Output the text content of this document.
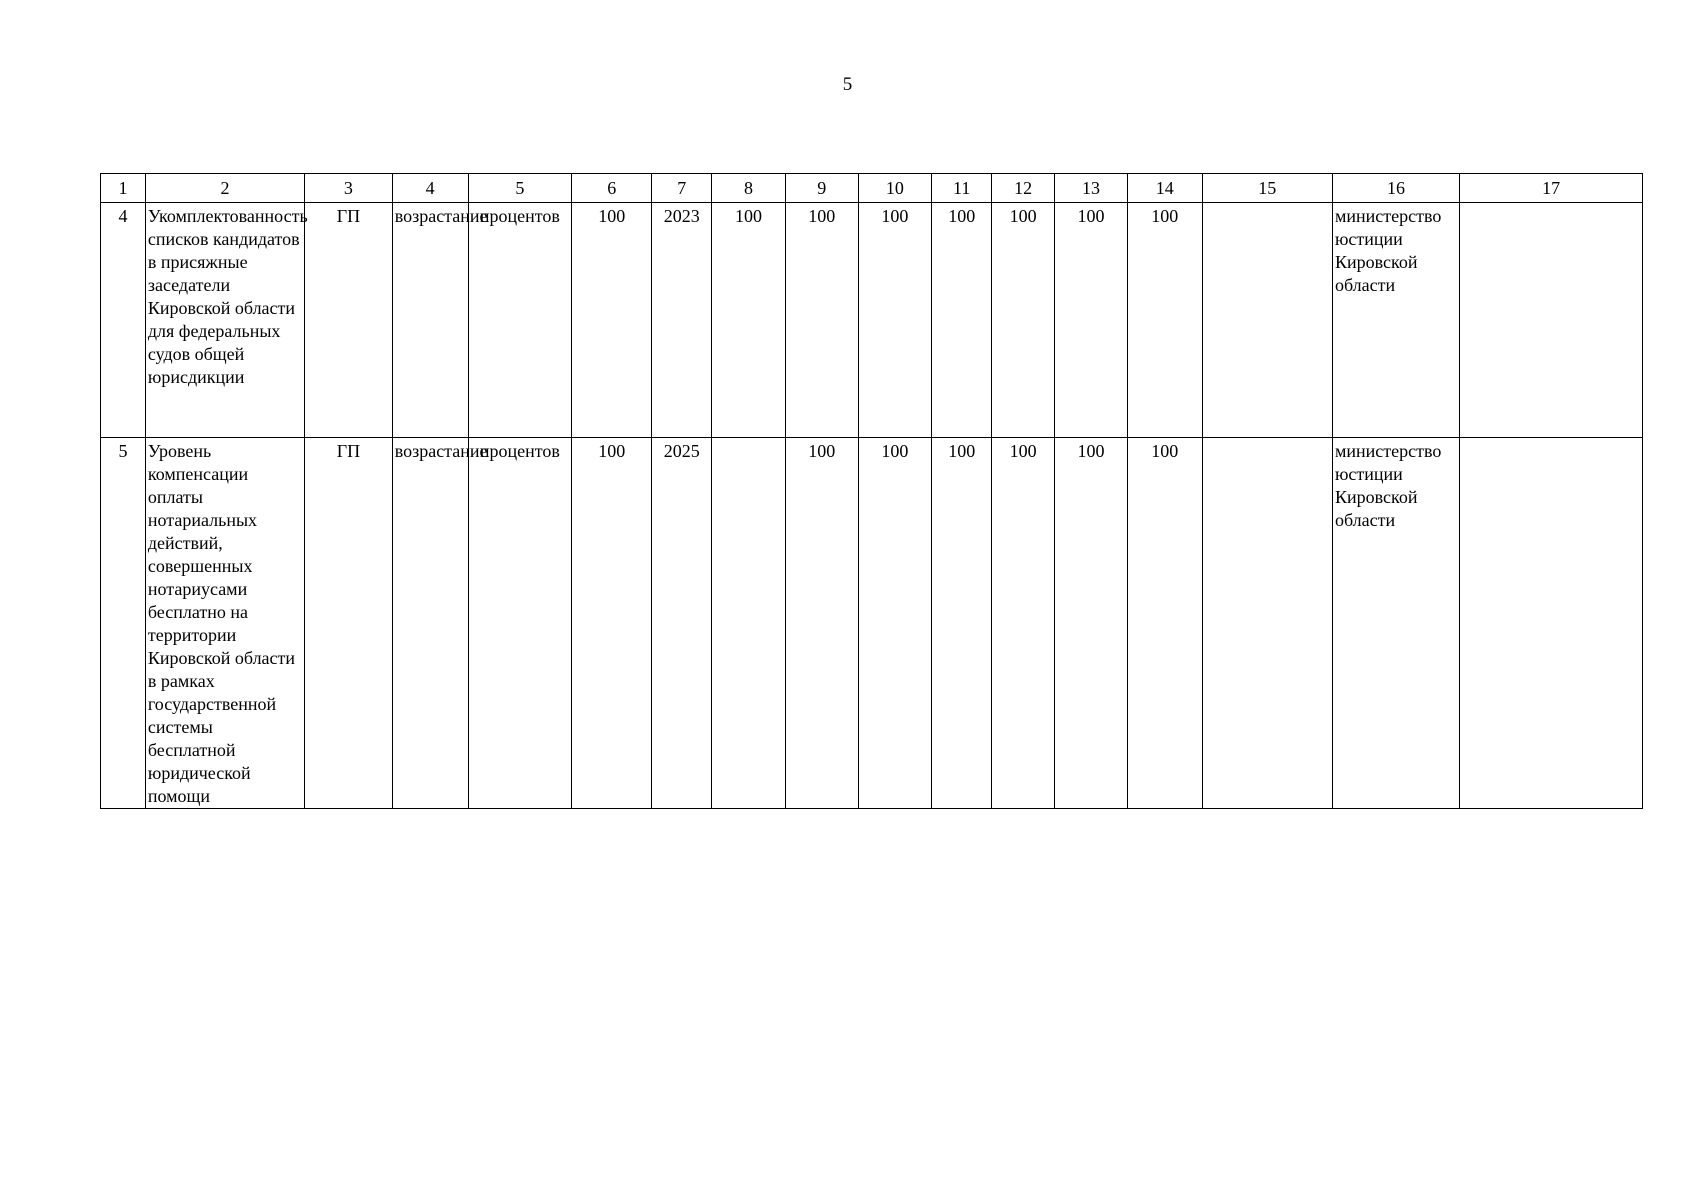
5
1	2	3	4	5	6	7	8	9	10	11	12	13	14	15	16	17
4	Укомплектованность списков кандидатов в присяжные заседатели Кировской области для федеральных судов общей юрисдикции	ГП	возрастание	процентов	100	2023	100	100	100	100	100	100	100		министерство юстиции Кировской области	
5	Уровень компенсации оплаты нотариальных действий, совершенных нотариусами бесплатно на территории Кировской области в рамках государственной системы бесплатной юридической помощи	ГП	возрастание	процентов	100	2025		100	100	100	100	100	100		министерство юстиции Кировской области	
